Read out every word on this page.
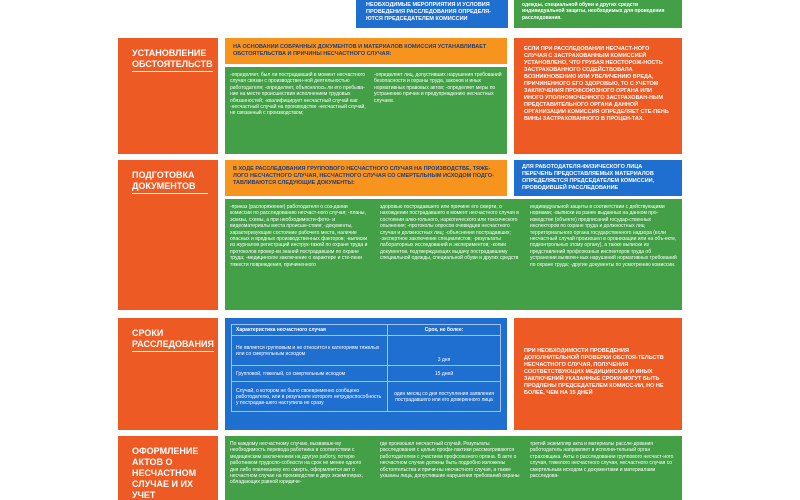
НЕОБХОДИМЫЕ МЕРОПРИЯТИЯ И УСЛОВИЯ ПРОВЕДЕНИЯ РАССЛЕДОВАНИЯ ОПРЕДЕЛЯ-ЮТСЯ ПРЕДСЕДАТЕЛЕМ КОМИССИИ
одежды, специальной обуви и других средств индивидуальной защиты, необходимых для проведения расследования.
УСТАНОВЛЕНИЕ ОБСТОЯТЕЛЬСТВ
НА ОСНОВАНИИ СОБРАННЫХ ДОКУМЕНТОВ И МАТЕРИАЛОВ КОМИССИЯ УСТАНАВЛИВАЕТ ОБСТОЯТЕЛЬСТВА И ПРИЧИНЫ НЕСЧАСТНОГО СЛУЧАЯ:
-определяет, был ли пострадавший в момент несчастного случая связан с производствен-ной деятельностью работодателя; -определяет, объяснялось ли его пребыва-ние на месте происшествия исполнением трудовых обязанностей; -квалифицирует несчастный случай как: -несчастный случай на производстве -несчастный случай, не связанный с производством;
-определяет лиц, допустивших нарушения требований безопасности и охраны труда, законов и иных нормативных правовых актов; -определяет меры по устранению причин и предупреждению несчастных случаев.
ЕСЛИ ПРИ РАССЛЕДОВАНИИ НЕСЧАСТ-НОГО СЛУЧАЯ С ЗАСТРАХОВАННЫМ КОМИССИЕЙ УСТАНОВЛЕНО, ЧТО ГРУБАЯ НЕОСТОРОЖ-НОСТЬ ЗАСТРАХОВАННОГО СОДЕЙСТВОВАЛА ВОЗНИКНОВЕНИЮ ИЛИ УВЕЛИЧЕНИЮ ВРЕДА, ПРИЧИНЕННОГО ЕГО ЗДОРОВЬЮ, ТО С УЧЕТОМ ЗАКЛЮЧЕНИЯ ПРОФСОЮЗНОГО ОРГАНА ИЛИ ИНОГО УПОЛНОМОЧЕННОГО ЗАСТРАХОВАН-НЫМ ПРЕДСТАВИТЕЛЬНОГО ОРГАНА ДАННОЙ ОРГАНИЗАЦИИ КОМИССИЯ ОПРЕДЕЛЯЕТ СТЕ-ПЕНЬ ВИНЫ ЗАСТРАХОВАННОГО В ПРОЦЕН-ТАХ.
ПОДГОТОВКА ДОКУМЕНТОВ
В ХОДЕ РАССЛЕДОВАНИЯ ГРУППОВОГО НЕСЧАСТНОГО СЛУЧАЯ НА ПРОИЗВОДСТВЕ, ТЯЖЕ-ЛОГО НЕСЧАСТНОГО СЛУЧАЯ, НЕСЧАСТНОГО СЛУЧАЯ СО СМЕРТЕЛЬНЫМ ИСХОДОМ ПОДГО-ТАВЛИВАЮТСЯ СЛЕДУЮЩИЕ ДОКУМЕНТЫ:
ДЛЯ РАБОТОДАТЕЛЯ-ФИЗИЧЕСКОГО ЛИЦА ПЕРЕЧЕНЬ ПРЕДОСТАВЛЯЕМЫХ МАТЕРИАЛОВ ОПРЕДЕЛЯЕТСЯ ПРЕДСЕДАТЕЛЕМ КОМИССИИ, ПРОВОДИВШЕЙ РАССЛЕДОВАНИЕ
-приказ (распоряжение) работодателя о соз-дании комиссии по расследованию несчаст-ного случая; -планы, эскизы, схемы, а при необходимости-фото- и видеоматериалы места происше-ствия; -документы, характеризующие состояние рабочего места, наличие опасных и вредных производственных факторов; -выписки из журналов регистраций инструк-тажей по охране труда и протоколов провер-ки знаний пострадавшим по охране труда; -медицинское заключение о характере и сте-пени тяжести повреждения, причиненного
здоровью пострадавшего или причине его смерти, о нахождении пострадавшего в момент несчастного случая в состоянии алко-гольного, наркотического или токсического опьянения; -протоколы опросов очевидцев несчастного случая и должностных лиц; -объяснения пострадавших; -экспертное заключение специалистов; -результаты лабораторных исследований и экспериментов; -копии документов, подтверждающих выдачу пострадавшему специальной одежды, специальной обуви и других средств
индивидуальной защиты в соответствии с действующими нормами; -выписки из ранее выданных на данном про-изводстве (объекте) предписаний государ-ственных инспекторов по охране труда и должностных лиц территориального органа государственного надзора (если несчастный случай произошел в организации или на объ-екте, подконтрольных этому органу), а также выписки из представлений профсоюзных инспекторов труда об устранении выявлен-ных нарушений нормативных требований по охране труда; -другие документы по усмотрению комиссии.
СРОКИ РАССЛЕДОВАНИЯ
Характеристика несчастного случая	Срок, не более:
Не является групповым и не относится к категориям тяжелых или со смертельным исходом	3 дня
Групповой, тяжелый, со смертельным исходом	15 дней
Случай, о котором не было своевременно сообщено работодателю, или в результате которого нетрудоспособность у пострадав-шего наступила не сразу	один месяц со дня поступления заявления пострадавшего или его доверенного лица
ПРИ НЕОБХОДИМОСТИ ПРОВЕДЕНИЯ ДОПОЛНИТЕЛЬНОЙ ПРОВЕРКИ ОБСТОЯ-ТЕЛЬСТВ НЕСЧАСТНОГО СЛУЧАЯ, ПОЛУЧЕНИЯ СООТВЕТСТВУЮЩИХ МЕДИЦИНСКИХ И ИНЫХ ЗАКЛЮЧЕНИЙ УКАЗАННЫЕ СРОКИ МОГУТ БЫТЬ ПРОДЛЕНЫ ПРЕДСЕДАТЕЛЕМ КОМИСС-ИИ, НО НЕ БОЛЕЕ, ЧЕМ НА 15 ДНЕЙ
ОФОРМЛЕНИЕ АКТОВ О НЕСЧАСТНОМ СЛУЧАЕ И ИХ УЧЕТ
По каждому несчастному случаю, вызвавше-му необходимость перевода работника в соответствии с медицинским заключением на другую работу, потерю работником трудоспо-собности на срок не менее одного дня либо повлекшему его смерть, оформляется акт о несчастном случае на производстве в двух экземплярах, обладающих равной юридиче-
где произошел несчастный случай. Результаты расследования с целью профи-лактики рассматриваются работодателем с участием профсоюзного органа. В акте о несчастном случае должны быть подробно изложены обстоятельства и причи-ны несчастного случая, а также указаны лица, допустившие нарушения требований охраны
третий экземпляр акта и материалы рассле-дования работодатель направляет в исполни-тельный орган страховщика. Акты о расследовании группового несчаст-ного случая, тяжелого несчастного случая, несчастного случая со смертельным исходом с документами и материалами расследова-
